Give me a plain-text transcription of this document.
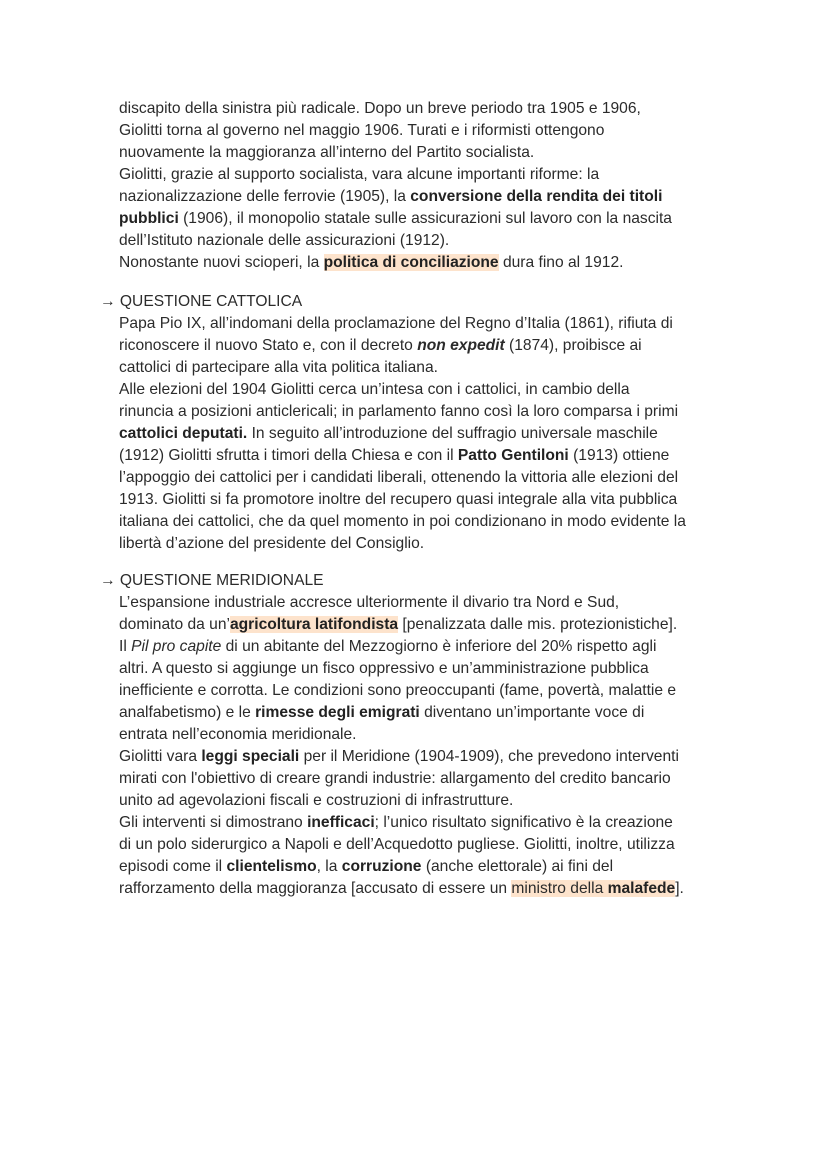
discapito della sinistra più radicale. Dopo un breve periodo tra 1905 e 1906,
Giolitti torna al governo nel maggio 1906. Turati e i riformisti ottengono
nuovamente la maggioranza all’interno del Partito socialista.
Giolitti, grazie al supporto socialista, vara alcune importanti riforme: la
nazionalizzazione delle ferrovie (1905), la conversione della rendita dei titoli
pubblici (1906), il monopolio statale sulle assicurazioni sul lavoro con la nascita
dell’Istituto nazionale delle assicurazioni (1912).
Nonostante nuovi scioperi, la politica di conciliazione dura fino al 1912.

→ QUESTIONE CATTOLICA

Papa Pio IX, all’indomani della proclamazione del Regno d’Italia (1861), rifiuta di
riconoscere il nuovo Stato e, con il decreto non expedit (1874), proibisce ai
cattolici di partecipare alla vita politica italiana.
Alle elezioni del 1904 Giolitti cerca un’intesa con i cattolici, in cambio della
rinuncia a posizioni anticlericali; in parlamento fanno così la loro comparsa i primi
cattolici deputati. In seguito all’introduzione del suffragio universale maschile
(1912) Giolitti sfrutta i timori della Chiesa e con il Patto Gentiloni (1913) ottiene
l’appoggio dei cattolici per i candidati liberali, ottenendo la vittoria alle elezioni del
1913. Giolitti si fa promotore inoltre del recupero quasi integrale alla vita pubblica
italiana dei cattolici, che da quel momento in poi condizionano in modo evidente la
libertà d’azione del presidente del Consiglio.

→ QUESTIONE MERIDIONALE

L’espansione industriale accresce ulteriormente il divario tra Nord e Sud,
dominato da un’agricoltura latifondista [penalizzata dalle mis. protezionistiche].
Il Pil pro capite di un abitante del Mezzogiorno è inferiore del 20% rispetto agli
altri. A questo si aggiunge un fisco oppressivo e un’amministrazione pubblica
inefficiente e corrotta. Le condizioni sono preoccupanti (fame, povertà, malattie e
analfabetismo) e le rimesse degli emigrati diventano un’importante voce di
entrata nell’economia meridionale.
Giolitti vara leggi speciali per il Meridione (1904-1909), che prevedono interventi
mirati con l'obiettivo di creare grandi industrie: allargamento del credito bancario
unito ad agevolazioni fiscali e costruzioni di infrastrutture.
Gli interventi si dimostrano inefficaci; l’unico risultato significativo è la creazione
di un polo siderurgico a Napoli e dell’Acquedotto pugliese. Giolitti, inoltre, utilizza
episodi come il clientelismo, la corruzione (anche elettorale) ai fini del
rafforzamento della maggioranza [accusato di essere un ministro della malafede].
